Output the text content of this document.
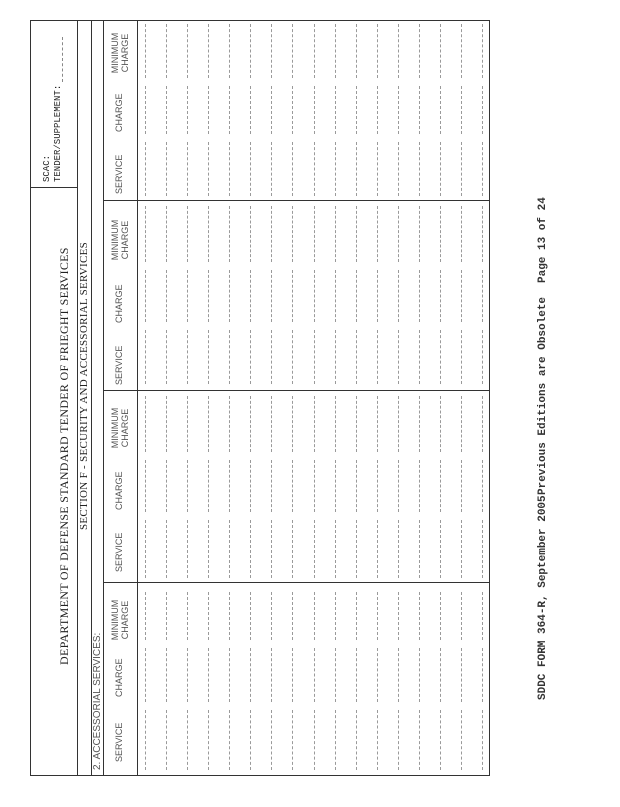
DEPARTMENT OF DEFENSE STANDARD TENDER OF FRIEGHT SERVICES
SCAC: TENDER/SUPPLEMENT:
SECTION F - SECURITY AND ACCESSORIAL SERVICES
2. ACCESSORIAL SERVICES: SERVICE
CHARGE
MINIMUM CHARGE
SERVICE
CHARGE
MINIMUM CHARGE
SERVICE
CHARGE
MINIMUM CHARGE
SERVICE
CHARGE
MINIMUM CHARGE
SDDC FORM 364-R, September 2005
Previous Editions are Obsolete
Page 13 of 24
